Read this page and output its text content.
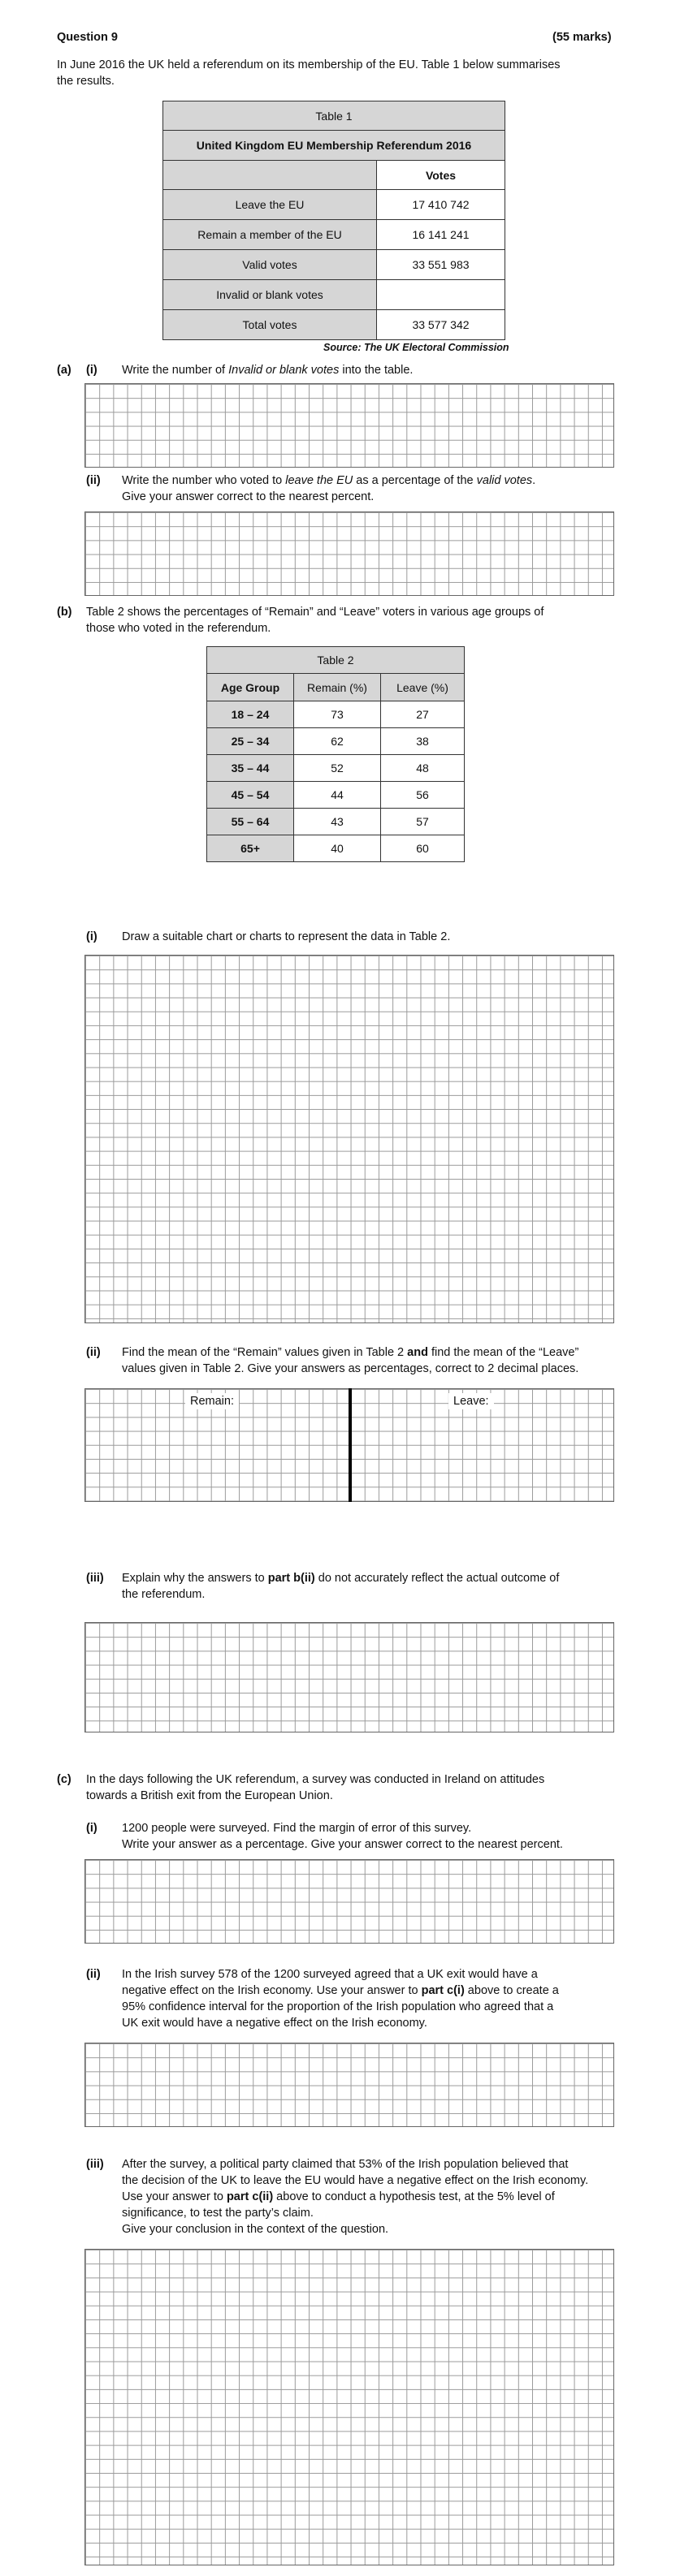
Question 9	(55 marks)
In June 2016 the UK held a referendum on its membership of the EU. Table 1 below summarises
the results.
Table 1	
United Kingdom EU Membership Referendum 2016	
	Votes
Leave the EU	17 410 742
Remain a member of the EU	16 141 241
Valid votes	33 551 983
Invalid or blank votes	
Total votes	33 577 342
Source: The UK Electoral Commission
(a) (i) Write the number of Invalid or blank votes into the table.
(ii) Write the number who voted to leave the EU as a percentage of the valid votes.
Give your answer correct to the nearest percent.
(b) Table 2 shows the percentages of “Remain” and “Leave” voters in various age groups of
those who voted in the referendum.
Table 2		
Age Group	Remain (%)	Leave (%)
18 – 24	73	27
25 – 34	62	38
35 – 44	52	48
45 – 54	44	56
55 – 64	43	57
65+	40	60
(i) Draw a suitable chart or charts to represent the data in Table 2.
(ii) Find the mean of the “Remain” values given in Table 2 and find the mean of the “Leave”
values given in Table 2. Give your answers as percentages, correct to 2 decimal places.
Remain:	Leave:
(iii) Explain why the answers to part b(ii) do not accurately reflect the actual outcome of
the referendum.
(c) In the days following the UK referendum, a survey was conducted in Ireland on attitudes
towards a British exit from the European Union.
(i) 1200 people were surveyed. Find the margin of error of this survey.
Write your answer as a percentage. Give your answer correct to the nearest percent.
(ii) In the Irish survey 578 of the 1200 surveyed agreed that a UK exit would have a
negative effect on the Irish economy. Use your answer to part c(i) above to create a
95% confidence interval for the proportion of the Irish population who agreed that a
UK exit would have a negative effect on the Irish economy.
(iii) After the survey, a political party claimed that 53% of the Irish population believed that
the decision of the UK to leave the EU would have a negative effect on the Irish economy.
Use your answer to part c(ii) above to conduct a hypothesis test, at the 5% level of
significance, to test the party’s claim.
Give your conclusion in the context of the question.
